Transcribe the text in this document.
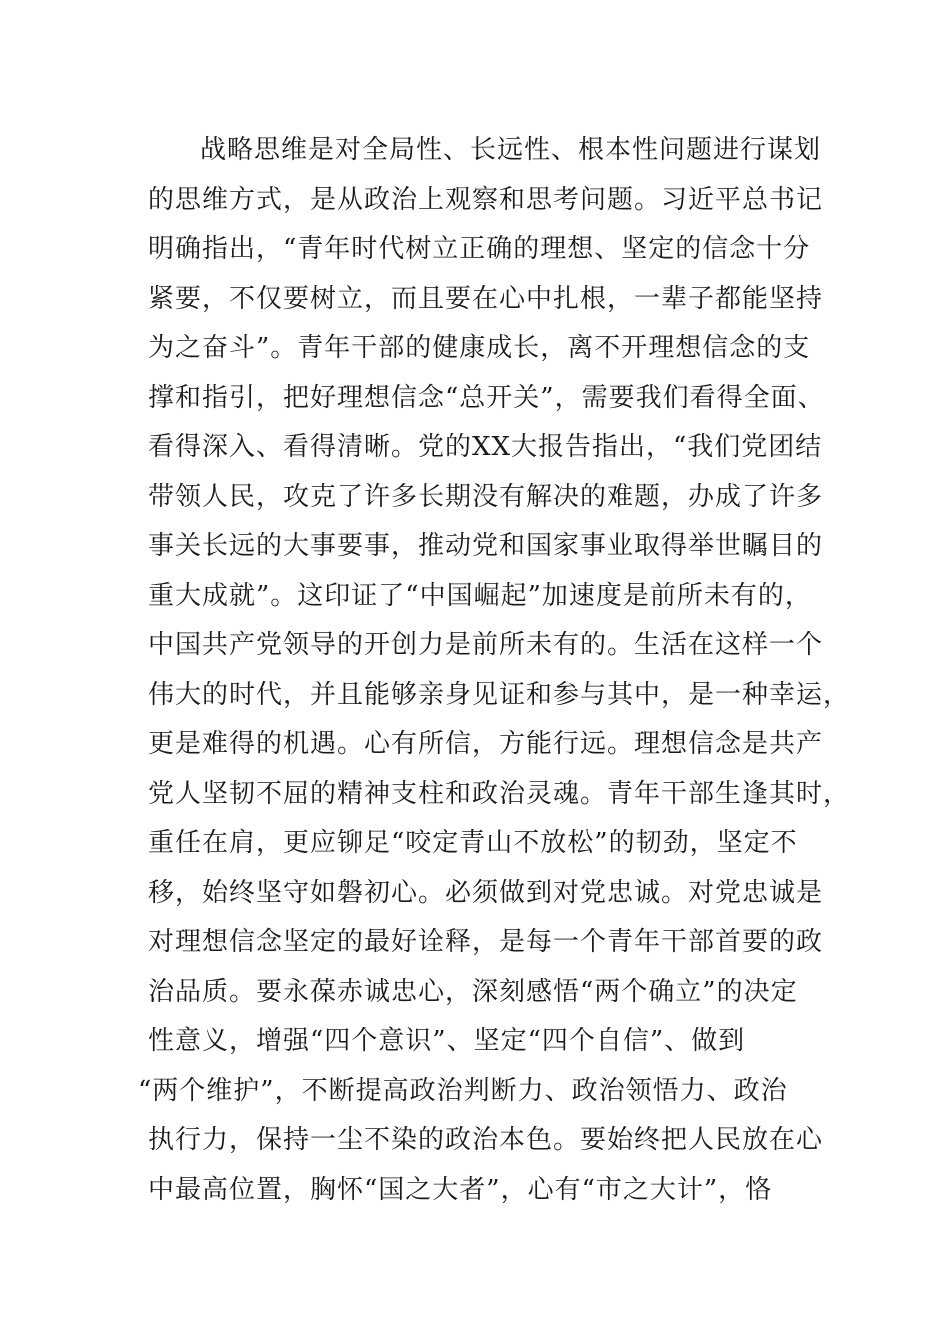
战略思维是对全局性、长远性、根本性问题进行谋划
的思维方式，是从政治上观察和思考问题。习近平总书记
明确指出，“青年时代树立正确的理想、坚定的信念十分
紧要，不仅要树立，而且要在心中扎根，一辈子都能坚持
为之奋斗”。青年干部的健康成长，离不开理想信念的支
撑和指引，把好理想信念“总开关”，需要我们看得全面、
看得深入、看得清晰。党的XX大报告指出，“我们党团结
带领人民，攻克了许多长期没有解决的难题，办成了许多
事关长远的大事要事，推动党和国家事业取得举世瞩目的
重大成就”。这印证了“中国崛起”加速度是前所未有的，
中国共产党领导的开创力是前所未有的。生活在这样一个
伟大的时代，并且能够亲身见证和参与其中，是一种幸运，
更是难得的机遇。心有所信，方能行远。理想信念是共产
党人坚韧不屈的精神支柱和政治灵魂。青年干部生逢其时，
重任在肩，更应铆足“咬定青山不放松”的韧劲，坚定不
移，始终坚守如磐初心。必须做到对党忠诚。对党忠诚是
对理想信念坚定的最好诠释，是每一个青年干部首要的政
治品质。要永葆赤诚忠心，深刻感悟“两个确立”的决定
性意义，增强“四个意识”、坚定“四个自信”、做到
“两个维护”，不断提高政治判断力、政治领悟力、政治
执行力，保持一尘不染的政治本色。要始终把人民放在心
中最高位置，胸怀“国之大者”，心有“市之大计”，恪
